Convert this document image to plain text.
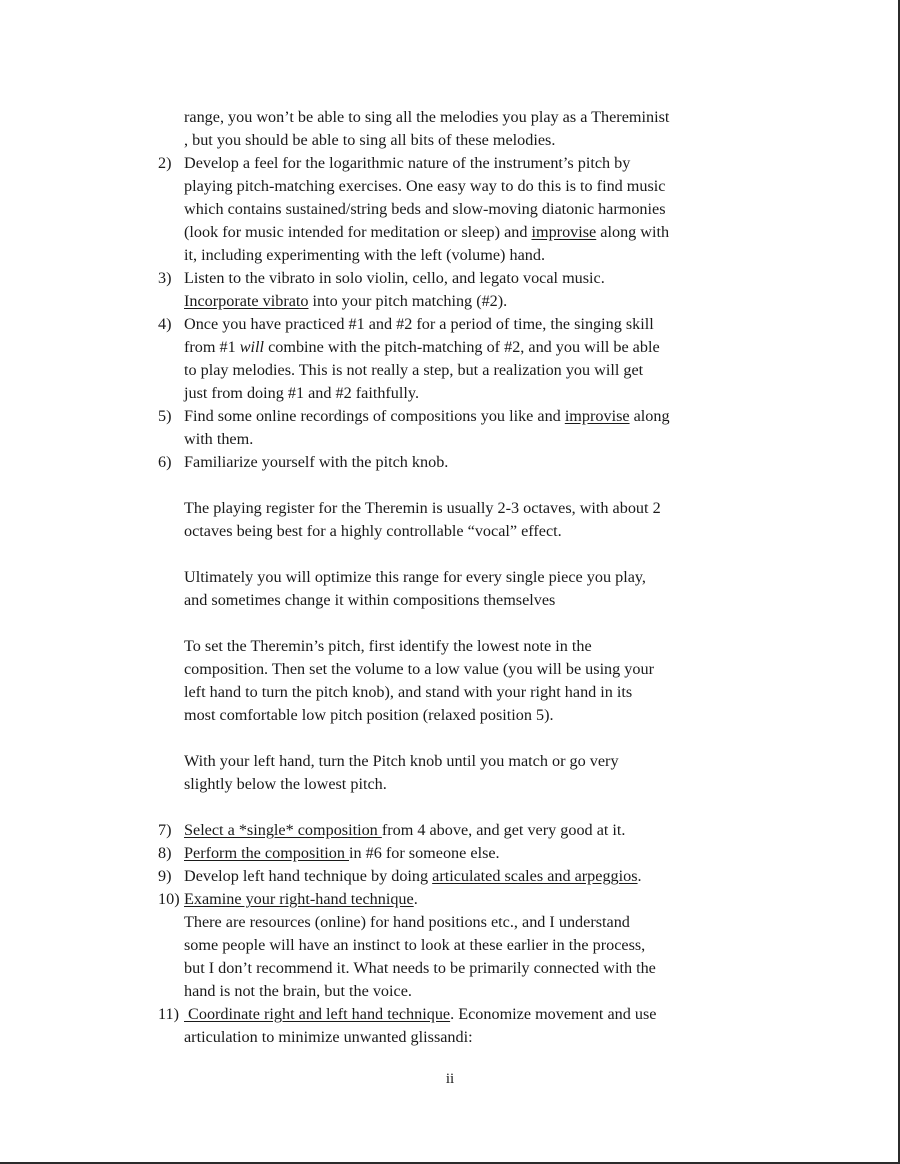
range, you won’t be able to sing all the melodies you play as a Thereminist
, but you should be able to sing all bits of these melodies.
2) Develop a feel for the logarithmic nature of the instrument’s pitch by
playing pitch-matching exercises. One easy way to do this is to find music
which contains sustained/string beds and slow-moving diatonic harmonies
(look for music intended for meditation or sleep) and improvise along with
it, including experimenting with the left (volume) hand.
3) Listen to the vibrato in solo violin, cello, and legato vocal music.
Incorporate vibrato into your pitch matching (#2).
4) Once you have practiced #1 and #2 for a period of time, the singing skill
from #1 will combine with the pitch-matching of #2, and you will be able
to play melodies. This is not really a step, but a realization you will get
just from doing #1 and #2 faithfully.
5) Find some online recordings of compositions you like and improvise along
with them.
6) Familiarize yourself with the pitch knob.
The playing register for the Theremin is usually 2-3 octaves, with about 2
octaves being best for a highly controllable “vocal” effect.
Ultimately you will optimize this range for every single piece you play,
and sometimes change it within compositions themselves
To set the Theremin’s pitch, first identify the lowest note in the
composition. Then set the volume to a low value (you will be using your
left hand to turn the pitch knob), and stand with your right hand in its
most comfortable low pitch position (relaxed position 5).
With your left hand, turn the Pitch knob until you match or go very
slightly below the lowest pitch.
7) Select a *single* composition from 4 above, and get very good at it.
8) Perform the composition in #6 for someone else.
9) Develop left hand technique by doing articulated scales and arpeggios.
10) Examine your right-hand technique.
There are resources (online) for hand positions etc., and I understand
some people will have an instinct to look at these earlier in the process,
but I don’t recommend it. What needs to be primarily connected with the
hand is not the brain, but the voice.
11) Coordinate right and left hand technique. Economize movement and use
articulation to minimize unwanted glissandi:
ii
